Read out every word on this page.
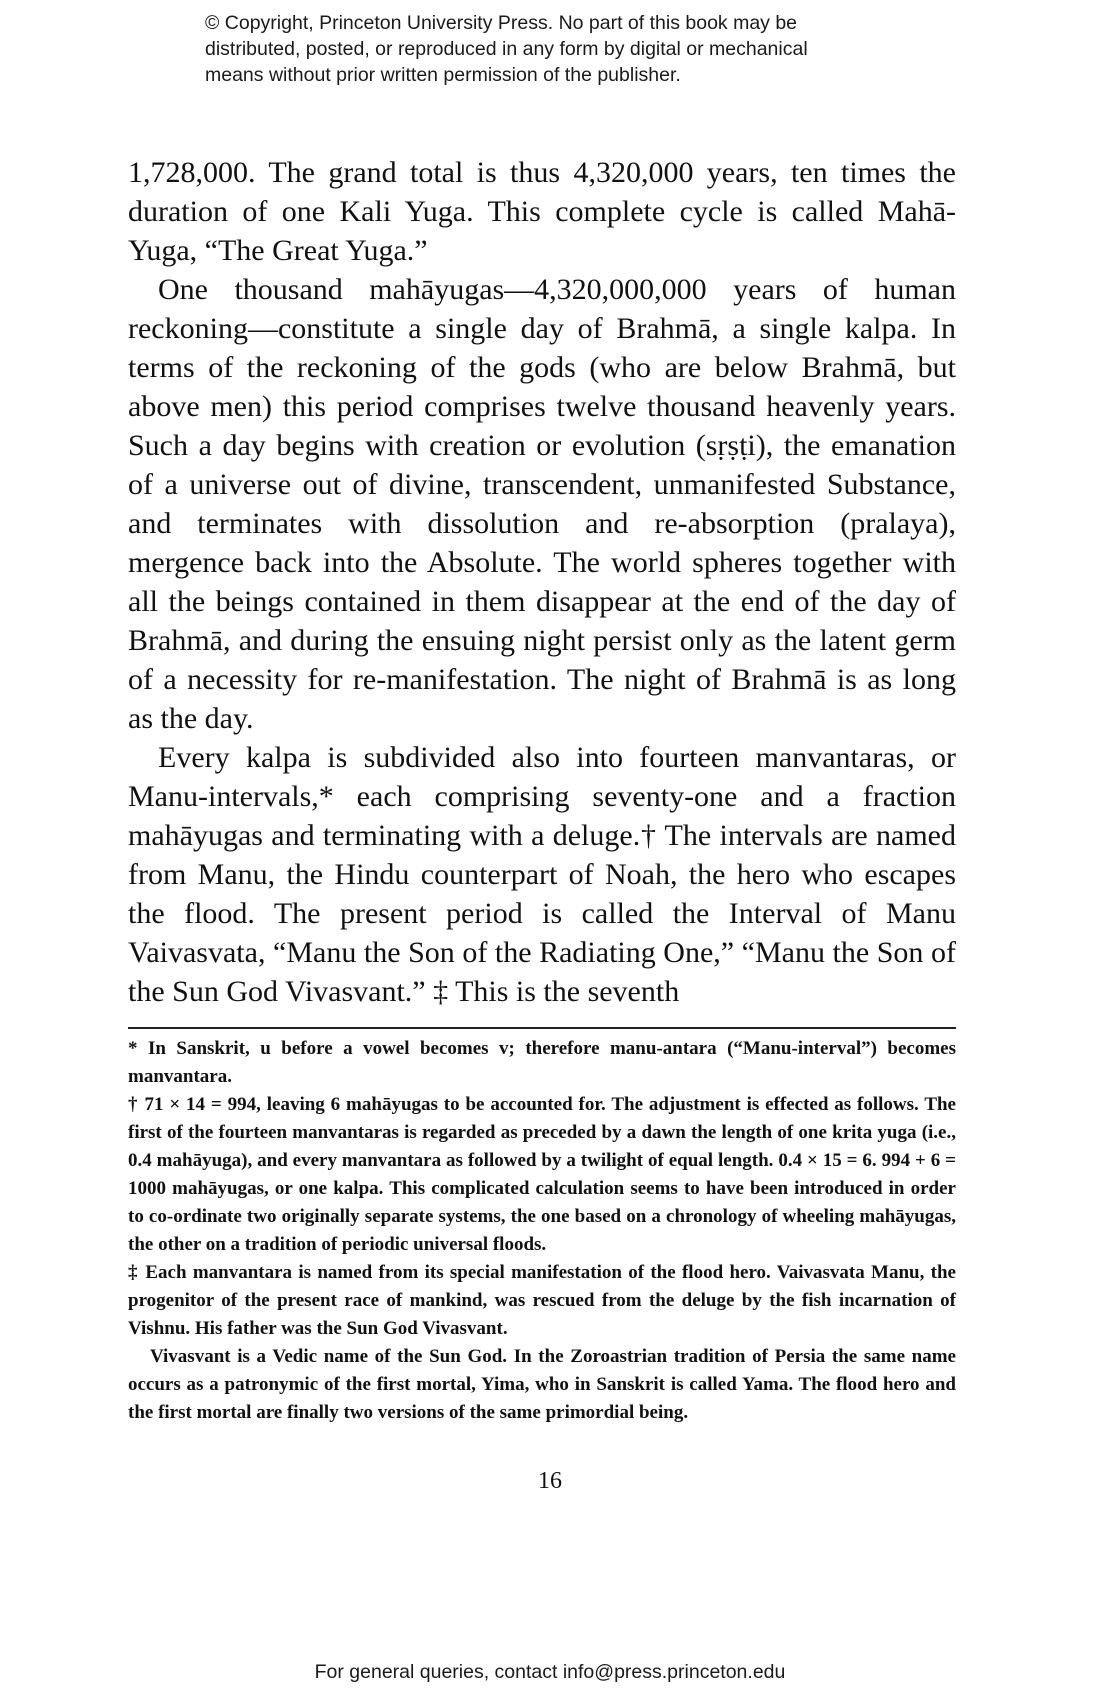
© Copyright, Princeton University Press. No part of this book may be
distributed, posted, or reproduced in any form by digital or mechanical
means without prior written permission of the publisher.

1,728,000. The grand total is thus 4,320,000 years, ten times the duration of one Kali Yuga. This complete cycle is called Mahā-Yuga, “The Great Yuga.”

One thousand mahāyugas—4,320,000,000 years of human reckoning—constitute a single day of Brahmā, a single kalpa. In terms of the reckoning of the gods (who are below Brahmā, but above men) this period comprises twelve thousand heavenly years. Such a day begins with creation or evolution (sṛṣṭi), the emanation of a universe out of divine, transcendent, unmanifested Substance, and terminates with dissolution and re-absorption (pralaya), mergence back into the Absolute. The world spheres together with all the beings contained in them disappear at the end of the day of Brahmā, and during the ensuing night persist only as the latent germ of a necessity for re-manifestation. The night of Brahmā is as long as the day.

Every kalpa is subdivided also into fourteen manvantaras, or Manu-intervals,* each comprising seventy-one and a fraction mahāyugas and terminating with a deluge.† The intervals are named from Manu, the Hindu counterpart of Noah, the hero who escapes the flood. The present period is called the Interval of Manu Vaivasvata, “Manu the Son of the Radiating One,” “Manu the Son of the Sun God Vivasvant.” ‡ This is the seventh

* In Sanskrit, u before a vowel becomes v; therefore manu-antara (“Manu-interval”) becomes manvantara.

† 71 × 14 = 994, leaving 6 mahāyugas to be accounted for. The adjustment is effected as follows. The first of the fourteen manvantaras is regarded as preceded by a dawn the length of one krita yuga (i.e., 0.4 mahāyuga), and every manvantara as followed by a twilight of equal length. 0.4 × 15 = 6. 994 + 6 = 1000 mahāyugas, or one kalpa. This complicated calculation seems to have been introduced in order to co-ordinate two originally separate systems, the one based on a chronology of wheeling mahāyugas, the other on a tradition of periodic universal floods.

‡ Each manvantara is named from its special manifestation of the flood hero. Vaivasvata Manu, the progenitor of the present race of mankind, was rescued from the deluge by the fish incarnation of Vishnu. His father was the Sun God Vivasvant.

Vivasvant is a Vedic name of the Sun God. In the Zoroastrian tradition of Persia the same name occurs as a patronymic of the first mortal, Yima, who in Sanskrit is called Yama. The flood hero and the first mortal are finally two versions of the same primordial being.

16
For general queries, contact info@press.princeton.edu
